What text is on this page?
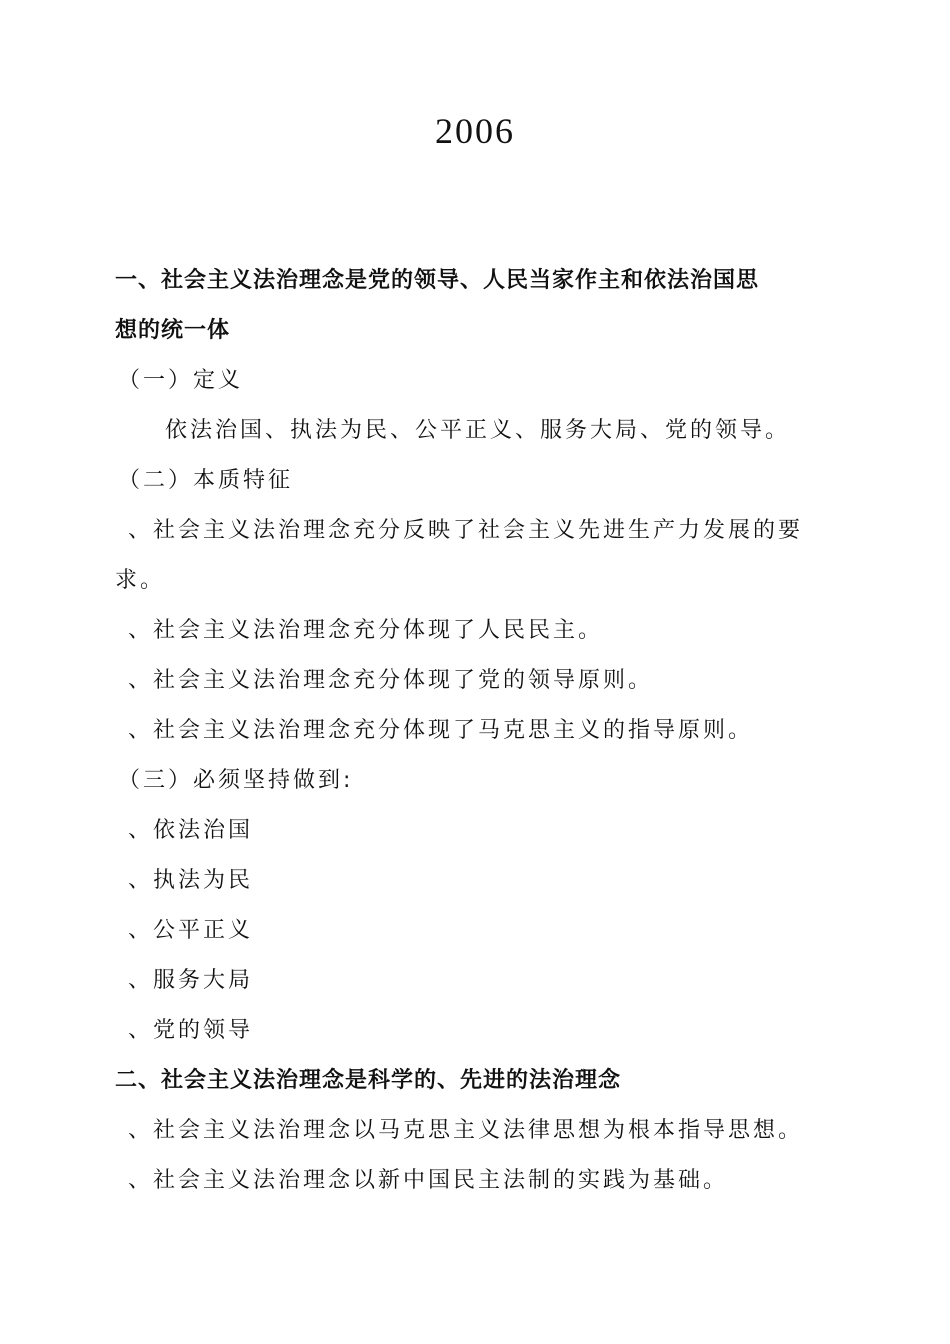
2006
一、社会主义法治理念是党的领导、人民当家作主和依法治国思
想的统一体
（一）定义
依法治国、执法为民、公平正义、服务大局、党的领导。
（二）本质特征
、社会主义法治理念充分反映了社会主义先进生产力发展的要
求。
、社会主义法治理念充分体现了人民民主。
、社会主义法治理念充分体现了党的领导原则。
、社会主义法治理念充分体现了马克思主义的指导原则。
（三）必须坚持做到:
、依法治国
、执法为民
、公平正义
、服务大局
、党的领导
二、社会主义法治理念是科学的、先进的法治理念
、社会主义法治理念以马克思主义法律思想为根本指导思想。
、社会主义法治理念以新中国民主法制的实践为基础。
